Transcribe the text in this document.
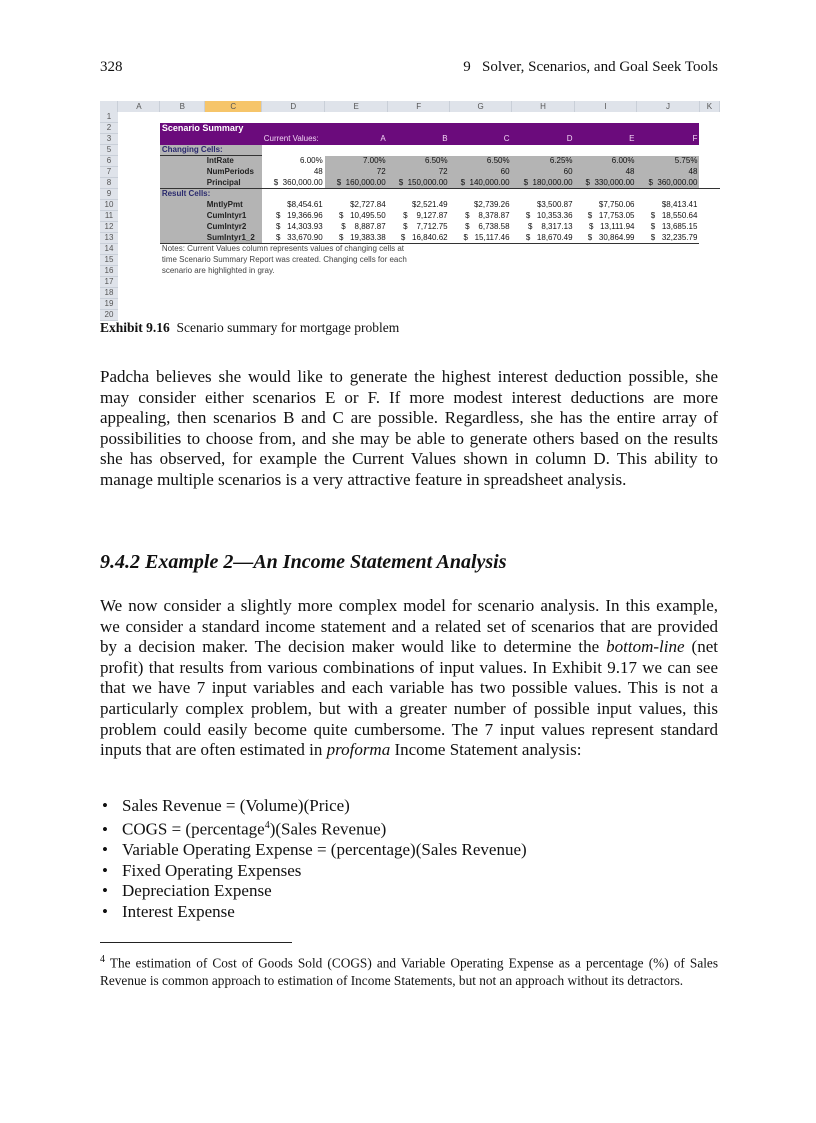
328	9   Solver, Scenarios, and Goal Seek Tools
	A	B	C	D	E	F	G	H	I	J	K
1											
2		Scenario Summary									
3				Current Values:	A	B	C	D	E	F	
5		Changing Cells:									
6			IntRate	6.00%	7.00%	6.50%	6.50%	6.25%	6.00%	5.75%	
7			NumPeriods	48	72	72	60	60	48	48	
8			Principal	$  360,000.00	$  160,000.00	$  150,000.00	$  140,000.00	$  180,000.00	$  330,000.00	$  360,000.00	
9		Result Cells:									
10			MntlyPmt	$8,454.61	$2,727.84	$2,521.49	$2,739.26	$3,500.87	$7,750.06	$8,413.41	
11			CumIntyr1	$   19,366.96	$   10,495.50	$    9,127.87	$    8,378.87	$   10,353.36	$   17,753.05	$   18,550.64	
12			CumIntyr2	$   14,303.93	$    8,887.87	$    7,712.75	$    6,738.58	$    8,317.13	$   13,111.94	$   13,685.15	
13			SumIntyr1_2	$   33,670.90	$   19,383.38	$   16,840.62	$   15,117.46	$   18,670.49	$   30,864.99	$   32,235.79	
14		Notes: Current Values column represents values of changing cells at									
15		time Scenario Summary Report was created. Changing cells for each									
16		scenario are highlighted in gray.									
17											
18											
19											
20											
Exhibit 9.16 Scenario summary for mortgage problem

Padcha believes she would like to generate the highest interest deduction possible, she may consider either scenarios E or F. If more modest interest deductions are more appealing, then scenarios B and C are possible. Regardless, she has the entire array of possibilities to choose from, and she may be able to generate others based on the results she has observed, for example the Current Values shown in column D. This ability to manage multiple scenarios is a very attractive feature in spreadsheet analysis.

9.4.2 Example 2—An Income Statement Analysis

We now consider a slightly more complex model for scenario analysis. In this example, we consider a standard income statement and a related set of scenarios that are provided by a decision maker. The decision maker would like to determine the bottom-line (net profit) that results from various combinations of input values. In Exhibit 9.17 we can see that we have 7 input variables and each variable has two possible values. This is not a particularly complex problem, but with a greater number of possible input values, this problem could easily become quite cumbersome. The 7 input values represent standard inputs that are often estimated in proforma Income Statement analysis:

• Sales Revenue = (Volume)(Price)
• COGS = (percentage$^4$)(Sales Revenue)
• Variable Operating Expense = (percentage)(Sales Revenue)
• Fixed Operating Expenses
• Depreciation Expense
• Interest Expense
$^4$ The estimation of Cost of Goods Sold (COGS) and Variable Operating Expense as a percentage (%) of Sales Revenue is common approach to estimation of Income Statements, but not an approach without its detractors.
